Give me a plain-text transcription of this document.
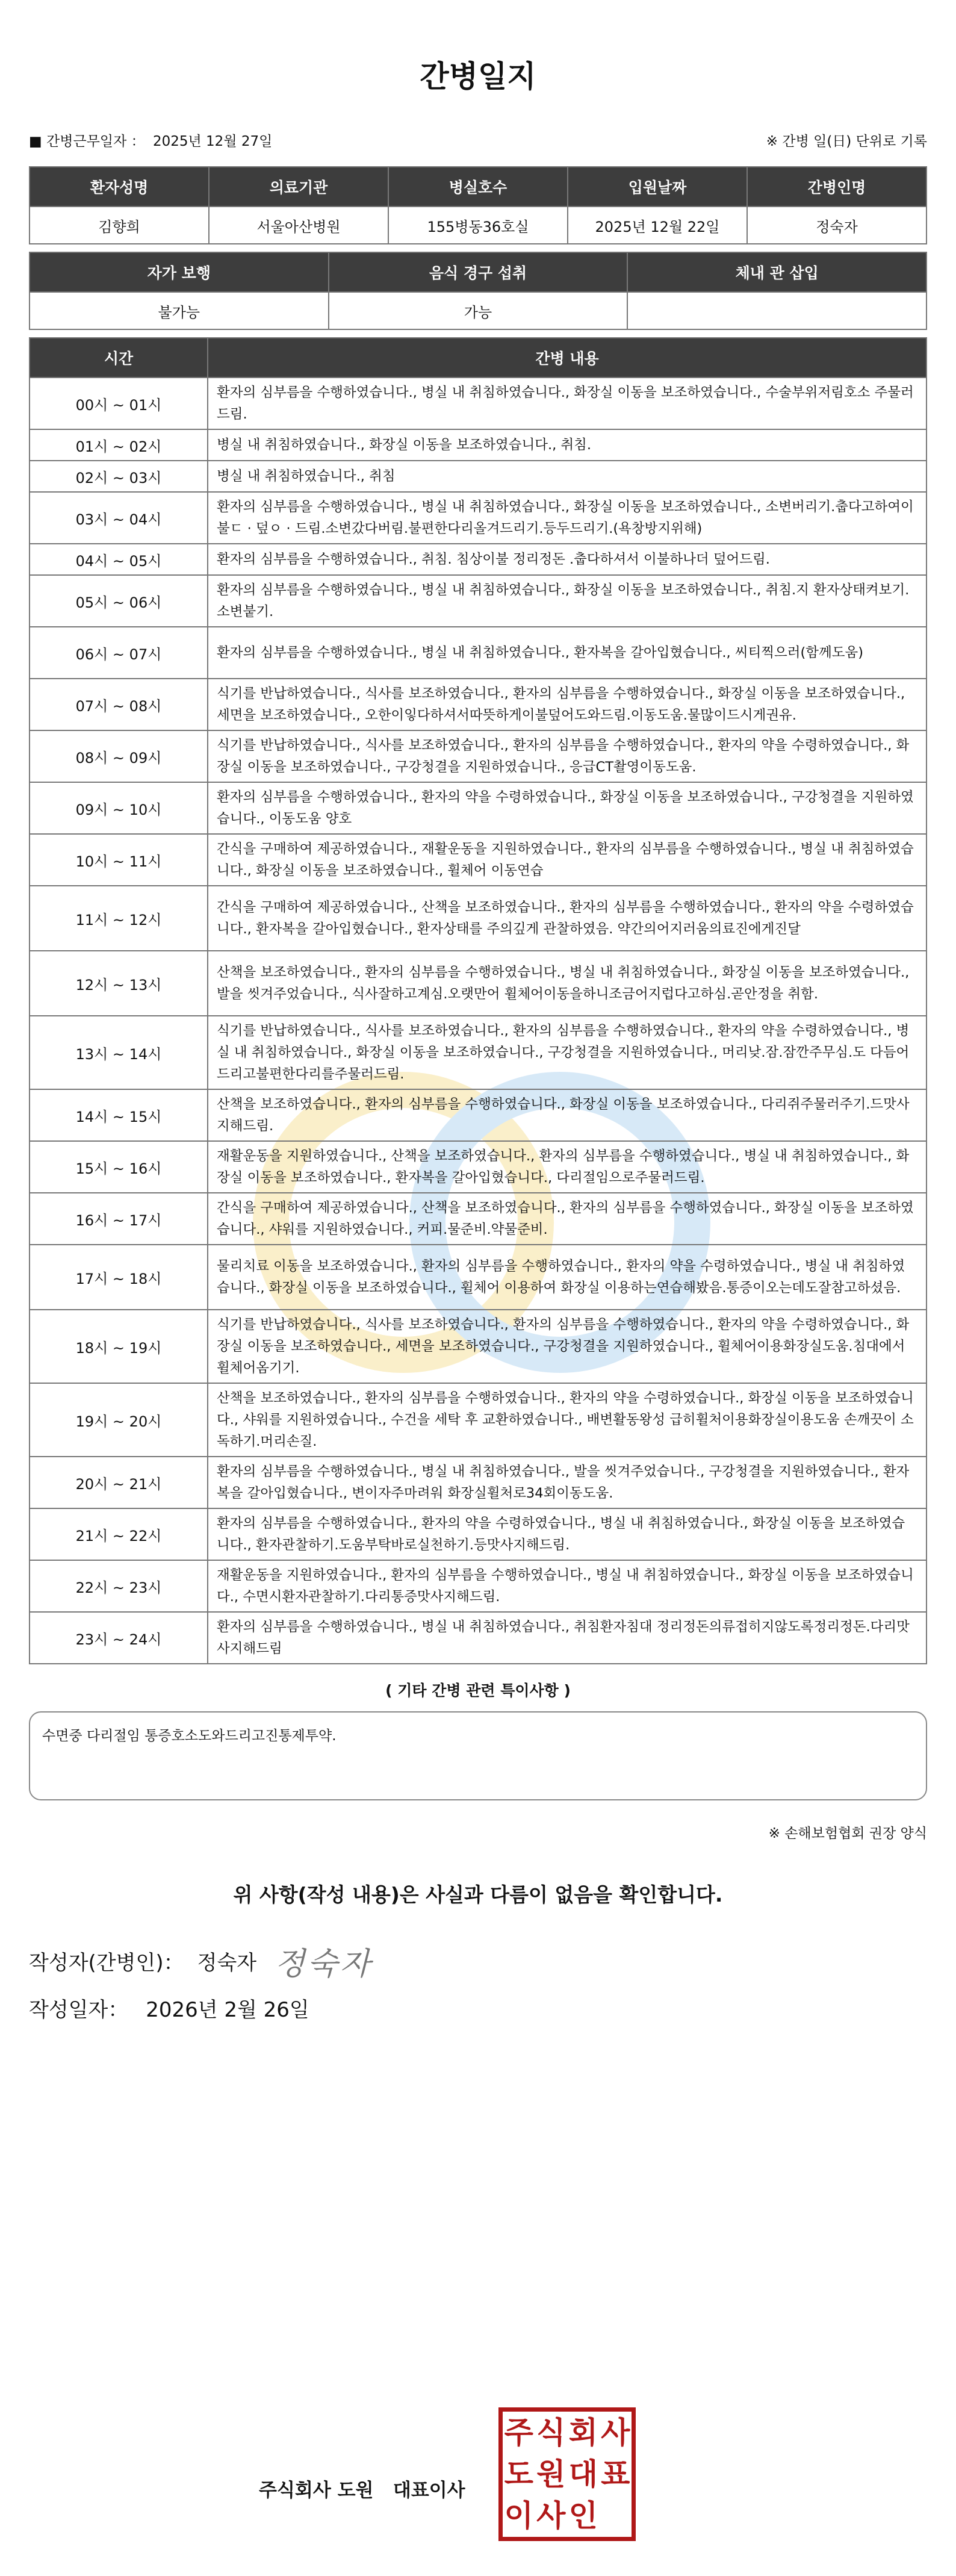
간병일지
■ 간병근무일자 ： 2025년 12월 27일	※ 간병 일(日) 단위로 기록
환자성명	의료기관	병실호수	입원날짜	간병인명
김향희	서울아산병원	155병동36호실	2025년 12월 22일	정숙자
자가 보행	음식 경구 섭취	체내 관 삽입
불가능	가능	
시간	간병 내용
00시 ~ 01시	환자의 심부름을 수행하였습니다., 병실 내 취침하였습니다., 화장실 이동을 보조하였습니다., 수술부위저림호소 주물러드림.
01시 ~ 02시	병실 내 취침하였습니다., 화장실 이동을 보조하였습니다., 취침.
02시 ~ 03시	병실 내 취침하였습니다., 취침
03시 ~ 04시	환자의 심부름을 수행하였습니다., 병실 내 취침하였습니다., 화장실 이동을 보조하였습니다., 소변버리기.춥다고하여이불ㄷ ‧ 덮ㅇ ‧ 드림.소변갔다버림.불편한다리올겨드리기.등두드리기.(욕창방지위해)
04시 ~ 05시	환자의 심부름을 수행하였습니다., 취침. 침상이불 정리정돈 .춥다하셔서 이불하나더 덮어드림.
05시 ~ 06시	환자의 심부름을 수행하였습니다., 병실 내 취침하였습니다., 화장실 이동을 보조하였습니다., 취침.지 환자상태켜보기.소변붙기.
06시 ~ 07시	환자의 심부름을 수행하였습니다., 병실 내 취침하였습니다., 환자복을 갈아입혔습니다., 씨티찍으러(함께도움)
07시 ~ 08시	식기를 반납하였습니다., 식사를 보조하였습니다., 환자의 심부름을 수행하였습니다., 화장실 이동을 보조하였습니다., 세면을 보조하였습니다., 오한이잏다하셔서따뜻하게이불덮어도와드림.이동도움.물많이드시게권유.
08시 ~ 09시	식기를 반납하였습니다., 식사를 보조하였습니다., 환자의 심부름을 수행하였습니다., 환자의 약을 수령하였습니다., 화장실 이동을 보조하였습니다., 구강청결을 지원하였습니다., 응급CT촬영이동도움.
09시 ~ 10시	환자의 심부름을 수행하였습니다., 환자의 약을 수령하였습니다., 화장실 이동을 보조하였습니다., 구강청결을 지원하였습니다., 이동도움 양호
10시 ~ 11시	간식을 구매하여 제공하였습니다., 재활운동을 지원하였습니다., 환자의 심부름을 수행하였습니다., 병실 내 취침하였습니다., 화장실 이동을 보조하였습니다., 휠체어 이동연습
11시 ~ 12시	간식을 구매하여 제공하였습니다., 산책을 보조하였습니다., 환자의 심부름을 수행하였습니다., 환자의 약을 수령하였습니다., 환자복을 갈아입혔습니다., 환자상태를 주의깊게 관찰하였음. 약간의어지러움의료진에게진달
12시 ~ 13시	산책을 보조하였습니다., 환자의 심부름을 수행하였습니다., 병실 내 취침하였습니다., 화장실 이동을 보조하였습니다., 발을 씻겨주었습니다., 식사잘하고계심.오랫만어 휠체어이동을하니조금어지럽다고하심.곧안정을 취함.
13시 ~ 14시	식기를 반납하였습니다., 식사를 보조하였습니다., 환자의 심부름을 수행하였습니다., 환자의 약을 수령하였습니다., 병실 내 취침하였습니다., 화장실 이동을 보조하였습니다., 구강청결을 지원하였습니다., 머리낮.잠.잠깐주무심.도 다듬어드리고불편한다리를주물러드림.
14시 ~ 15시	산책을 보조하였습니다., 환자의 심부름을 수행하였습니다., 화장실 이동을 보조하였습니다., 다리쥐주물러주기.드맛사지해드림.
15시 ~ 16시	재활운동을 지원하였습니다., 산책을 보조하였습니다., 환자의 심부름을 수행하였습니다., 병실 내 취침하였습니다., 화장실 이동을 보조하였습니다., 환자복을 갈아입혔습니다., 다리절임으로주물러드림.
16시 ~ 17시	간식을 구매하여 제공하였습니다., 산책을 보조하였습니다., 환자의 심부름을 수행하였습니다., 화장실 이동을 보조하였습니다., 샤워를 지원하였습니다., 커피.물준비.약물준비.
17시 ~ 18시	물리치료 이동을 보조하였습니다., 환자의 심부름을 수행하였습니다., 환자의 약을 수령하였습니다., 병실 내 취침하였습니다., 화장실 이동을 보조하였습니다., 휠체어 이용하여 화장실 이용하는연습해봤음.통증이오는데도잘참고하셨음.
18시 ~ 19시	식기를 반납하였습니다., 식사를 보조하였습니다., 환자의 심부름을 수행하였습니다., 환자의 약을 수령하였습니다., 화장실 이동을 보조하였습니다., 세면을 보조하였습니다., 구강청결을 지원하였습니다., 휠체어이용화장실도움.침대에서휠체어옴기기.
19시 ~ 20시	산책을 보조하였습니다., 환자의 심부름을 수행하였습니다., 환자의 약을 수령하였습니다., 화장실 이동을 보조하였습니다., 샤워를 지원하였습니다., 수건을 세탁 후 교환하였습니다., 배변활동왕성 급히휠처이용화장실이용도움 손깨끗이 소독하기.머리손질.
20시 ~ 21시	환자의 심부름을 수행하였습니다., 병실 내 취침하였습니다., 발을 씻겨주었습니다., 구강청결을 지원하였습니다., 환자복을 갈아입혔습니다., 변이자주마려워 화장실휠처로34회이동도움.
21시 ~ 22시	환자의 심부름을 수행하였습니다., 환자의 약을 수령하였습니다., 병실 내 취침하였습니다., 화장실 이동을 보조하였습니다., 환자관찰하기.도움부탁바로실천하기.등맛사지해드림.
22시 ~ 23시	재활운동을 지원하였습니다., 환자의 심부름을 수행하였습니다., 병실 내 취침하였습니다., 화장실 이동을 보조하였습니다., 수면시환자관찰하기.다리통증맛사지해드림.
23시 ~ 24시	환자의 심부름을 수행하였습니다., 병실 내 취침하였습니다., 취침환자침대 정리정돈의류접히지않도록정리정돈.다리맛사지해드림
( 기타 간병 관련 특이사항 )
수면중 다리절임 통증호소도와드리고진통제투약.
※ 손해보험협회 권장 양식
위 사항(작성 내용)은 사실과 다름이 없음을 확인합니다.
작성자(간병인)： 정숙자 정숙자
작성일자： 2026년 2월 26일
주식회사 도원   대표이사
주 식 회 사
도 원 대 표
이 사 인
